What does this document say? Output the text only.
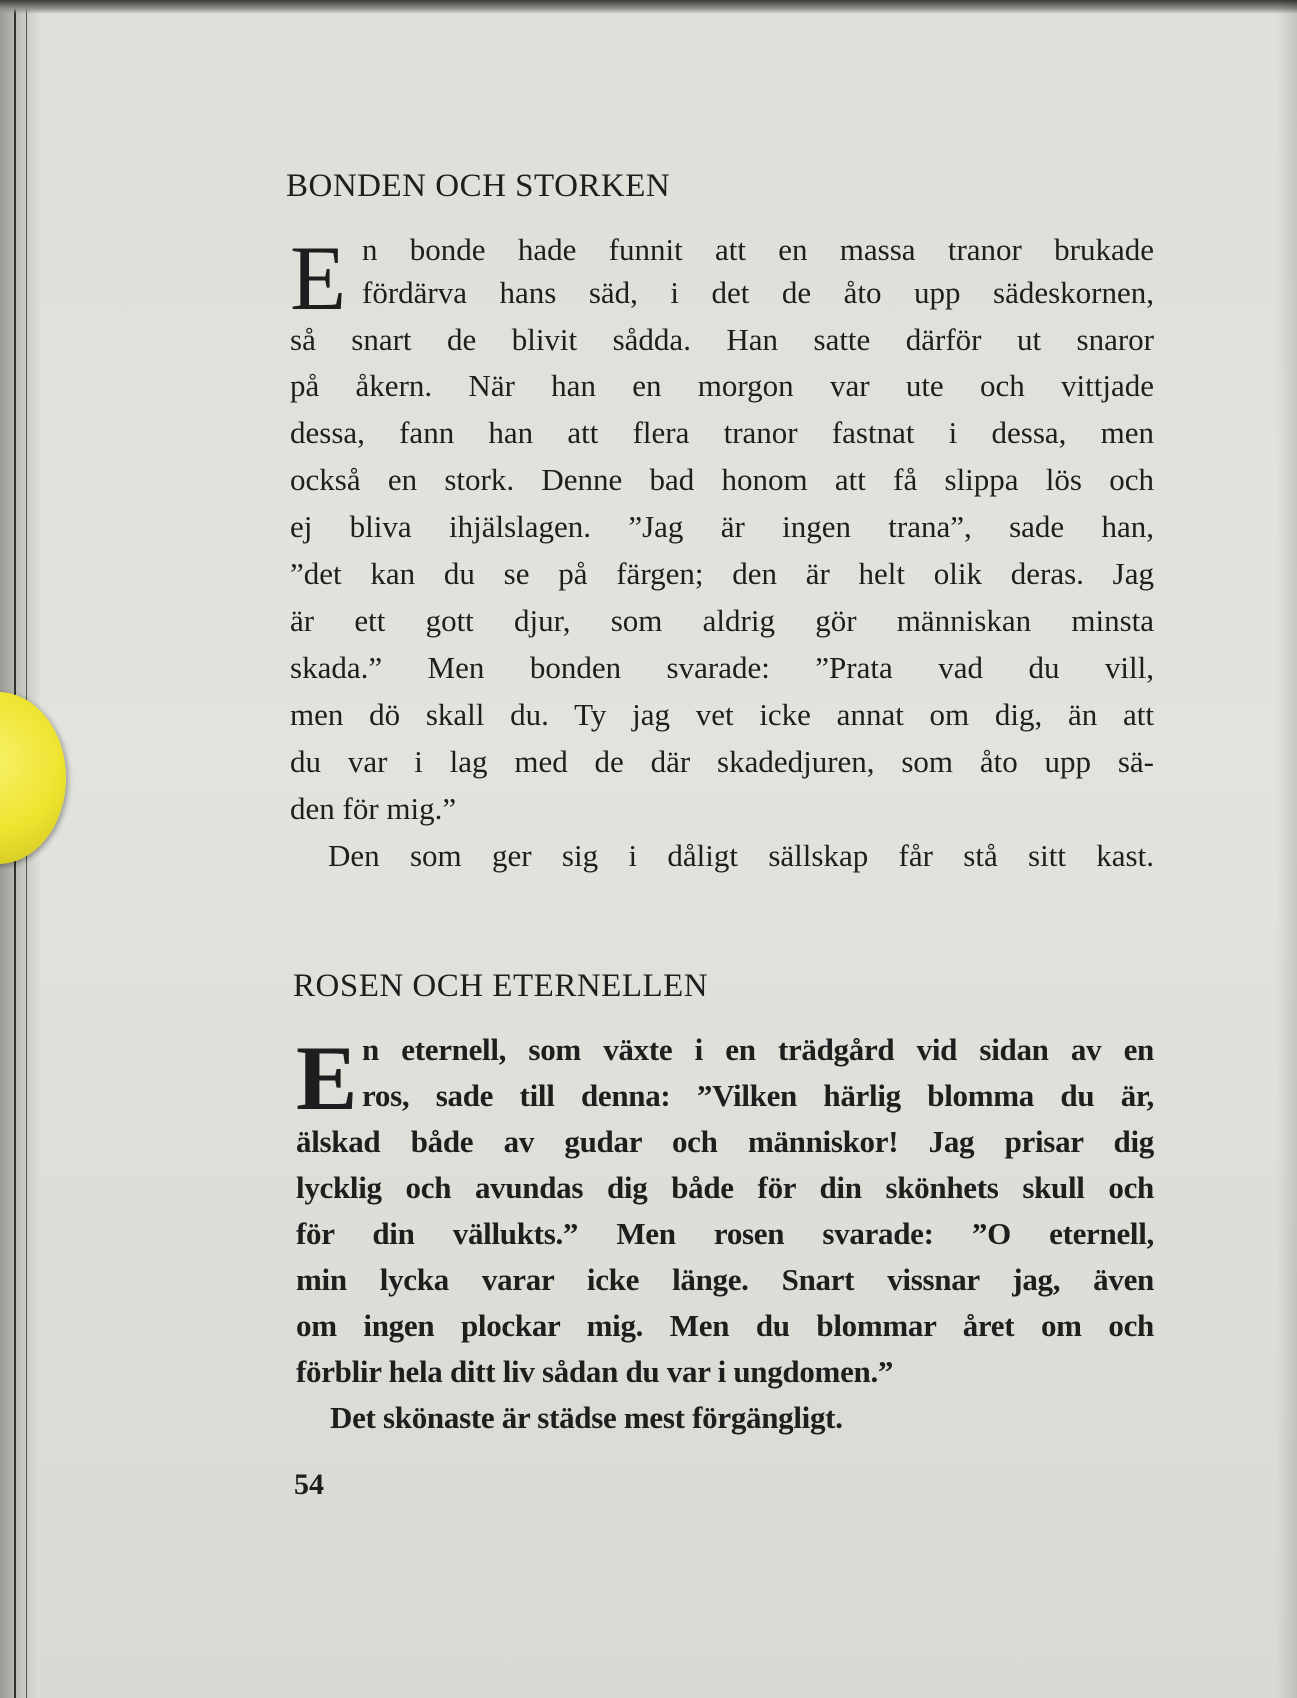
BONDEN OCH STORKEN
E n bonde hade funnit att en massa tranor brukade
fördärva hans säd, i det de åto upp sädeskornen,
så snart de blivit sådda. Han satte därför ut snaror
på åkern. När han en morgon var ute och vittjade
dessa, fann han att flera tranor fastnat i dessa, men
också en stork. Denne bad honom att få slippa lös och
ej bliva ihjälslagen. ”Jag är ingen trana”, sade han,
”det kan du se på färgen; den är helt olik deras. Jag
är ett gott djur, som aldrig gör människan minsta
skada.” Men bonden svarade: ”Prata vad du vill,
men dö skall du. Ty jag vet icke annat om dig, än att
du var i lag med de där skadedjuren, som åto upp sä-
den för mig.”
Den som ger sig i dåligt sällskap får stå sitt kast.
ROSEN OCH ETERNELLEN
E n eternell, som växte i en trädgård vid sidan av en
ros, sade till denna: ”Vilken härlig blomma du är,
älskad både av gudar och människor! Jag prisar dig
lycklig och avundas dig både för din skönhets skull och
för din vällukts.” Men rosen svarade: ”O eternell,
min lycka varar icke länge. Snart vissnar jag, även
om ingen plockar mig. Men du blommar året om och
förblir hela ditt liv sådan du var i ungdomen.”
Det skönaste är städse mest förgängligt.
54
